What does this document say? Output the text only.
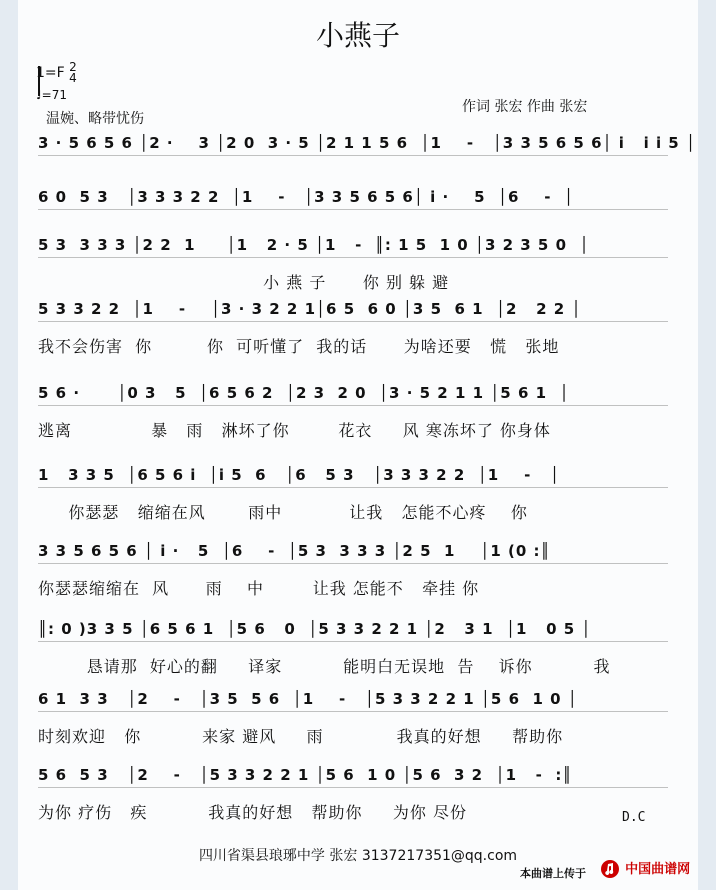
小燕子
1=F 2
4
♩=71
温婉、略带忧伤
作词 张宏 作曲 张宏
3 · 5 6 5 6 │2 ·    3 │2 0  3 · 5 │2 1 1 5 6  │1    -   │3 3 5 6 5 6│ i   i i 5 │
6 0  5 3   │3 3 3 2 2  │1    -   │3 3 5 6 5 6│ i ·    5  │6    -  │
5 3  3 3 3 │2 2  1     │1   2 · 5 │1   -  ║: 1 5  1 0 │3 2 3 5 0  │
小 燕 子      你 别 躲 避
5 3 3 2 2  │1    -    │3 · 3 2 2 1│6 5  6 0 │3 5  6 1  │2   2 2 │
我不会伤害  你         你  可听懂了  我的话      为啥还要   慌   张地
5 6 ·      │0 3   5  │6 5 6 2  │2 3  2 0  │3 · 5 2 1 1 │5 6 1  │
逃离             暴   雨   淋坏了你        花衣     风 寒冻坏了 你身体
1   3 3 5  │6 5 6 i  │i 5  6   │6   5 3   │3 3 3 2 2  │1    -   │
你瑟瑟   缩缩在风       雨中           让我   怎能不心疼    你
3 3 5 6 5 6 │ i ·   5  │6    -  │5 3  3 3 3 │2 5  1    │1 (0 :║
你瑟瑟缩缩在  风      雨    中        让我 怎能不   牵挂 你
║: 0 )3 3 5 │6 5 6 1  │5 6   0  │5 3 3 2 2 1 │2   3 1  │1   0 5 │
恳请那  好心的翻     译家          能明白无误地  告    诉你          我
6 1  3 3   │2    -   │3 5  5 6  │1    -   │5 3 3 2 2 1 │5 6  1 0 │
时刻欢迎   你          来家 避风     雨            我真的好想     帮助你
5 6  5 3   │2    -   │5 3 3 2 2 1 │5 6  1 0 │5 6  3 2  │1   -  :║
为你 疗伤   疾          我真的好想   帮助你     为你 尽份	D.C
四川省渠县琅琊中学 张宏 3137217351@qq.com
本曲谱上传于	中国曲谱网
